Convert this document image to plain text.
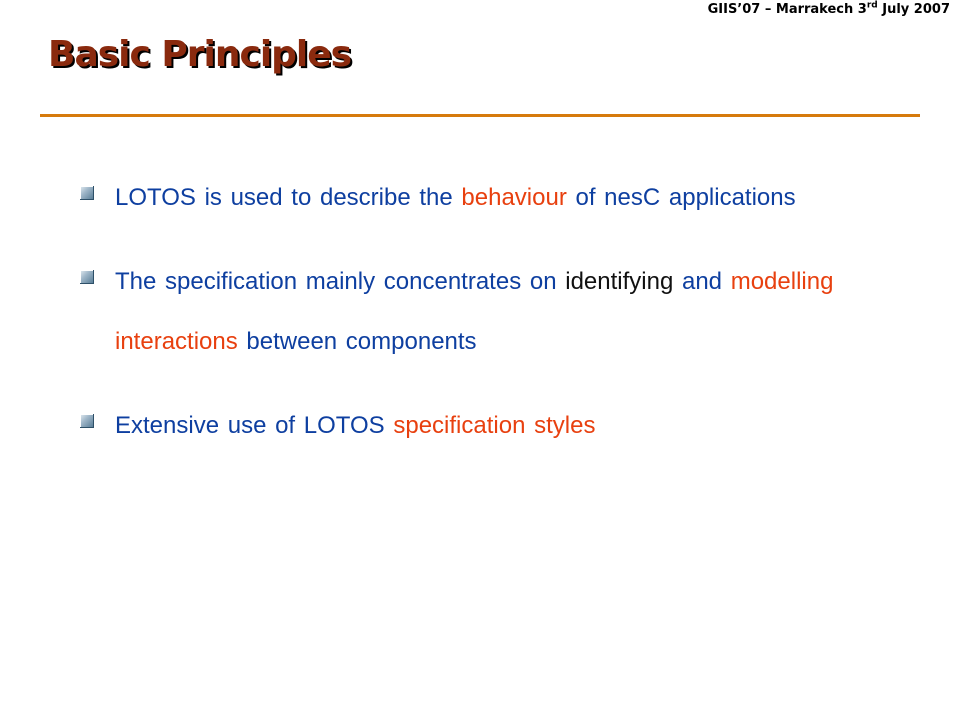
GIIS’07 – Marrakech 3rd July 2007
Basic Principles
LOTOS is used to describe the behaviour of nesC applications
The specification mainly concentrates on identifying and modelling interactions between components
Extensive use of LOTOS specification styles
